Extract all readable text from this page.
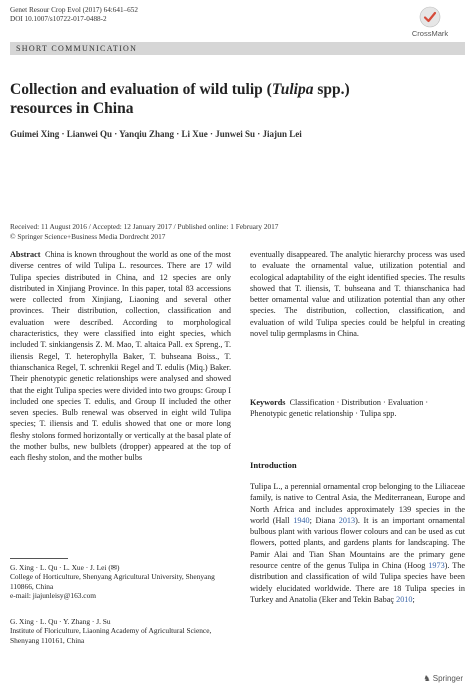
Genet Resour Crop Evol (2017) 64:641–652
DOI 10.1007/s10722-017-0488-2
CrossMark
SHORT COMMUNICATION
Collection and evaluation of wild tulip (Tulipa spp.)
resources in China
Guimei Xing · Lianwei Qu · Yanqiu Zhang · Li Xue · Junwei Su · Jiajun Lei
Received: 11 August 2016 / Accepted: 12 January 2017 / Published online: 1 February 2017
© Springer Science+Business Media Dordrecht 2017

Abstract China is known throughout the world as one of the most diverse centres of wild Tulipa L. resources. There are 17 wild Tulipa species distributed in China, and 12 species are only distributed in Xinjiang Province. In this paper, total 83 accessions were collected from Xinjiang, Liaoning and several other provinces. Their distribution, collection, classification and evaluation were described. According to morphological characteristics, they were classified into eight species, which included T. sinkiangensis Z. M. Mao, T. altaica Pall. ex Spreng., T. iliensis Regel, T. heterophylla Baker, T. buhseana Boiss., T. thianschanica Regel, T. schrenkii Regel and T. edulis (Miq.) Baker. Their phenotypic genetic relationships were analysed and showed that the eight Tulipa species were divided into two groups: Group I included one species T. edulis, and Group II included the other seven species. Bulb renewal was observed in eight wild Tulipa species; T. iliensis and T. edulis showed that one or more long fleshy stolons formed horizontally or vertically at the basal plate of the mother bulbs, new bulblets (dropper) appeared at the top of each fleshy stolon, and the mother bulbs

eventually disappeared. The analytic hierarchy process was used to evaluate the ornamental value, utilization potential and ecological adaptability of the eight identified species. The results showed that T. iliensis, T. buhseana and T. thianschanica had better ornamental value and utilization potential than any other species. The distribution, collection, classification, and evaluation of wild Tulipa species could be helpful in creating novel tulip germplasms in China.

Keywords Classification · Distribution · Evaluation · Phenotypic genetic relationship · Tulipa spp.
Introduction
Tulipa L., a perennial ornamental crop belonging to the Liliaceae family, is native to Central Asia, the Mediterranean, Europe and North Africa and includes approximately 139 species in the world (Hall 1940; Diana 2013). It is an important ornamental bulbous plant with various flower colours and can be used as cut flowers, potted plants, and gardens plants for landscaping. The Pamir Alai and Tian Shan Mountains are the primary gene resource centre of the genus Tulipa in China (Hoog 1973). The distribution and classification of wild Tulipa species have been widely elucidated worldwide. There are 18 Tulipa species in Turkey and Anatolia (Eker and Tekin Babaç 2010;
G. Xing · L. Qu · L. Xue · J. Lei (✉)
College of Horticulture, Shenyang Agricultural University, Shenyang 110866, China
e-mail: jiajunleisy@163.com
G. Xing · L. Qu · Y. Zhang · J. Su
Institute of Floriculture, Liaoning Academy of Agricultural Science, Shenyang 110161, China
♞ Springer
